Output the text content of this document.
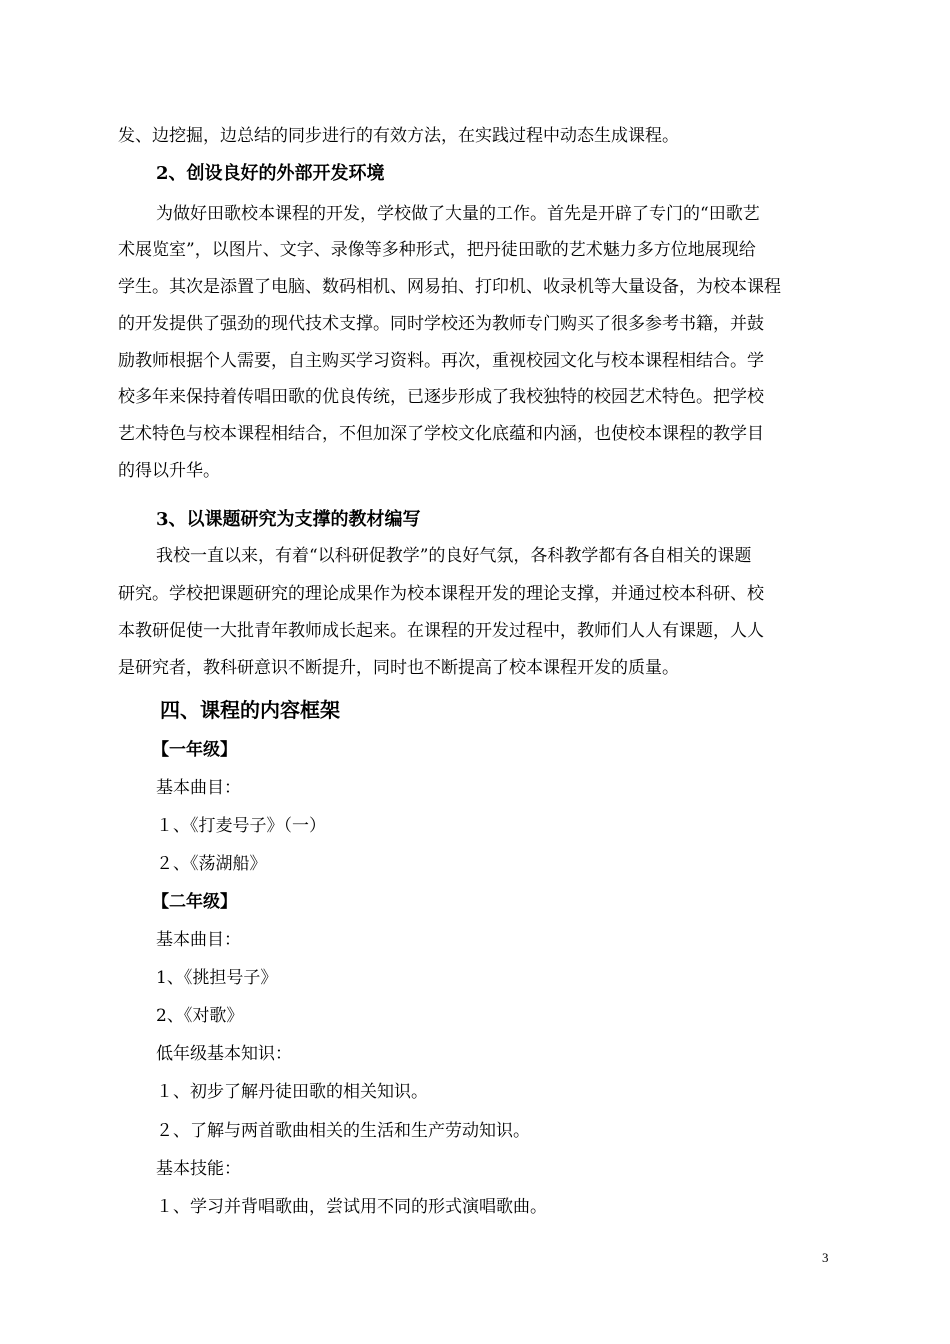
发、边挖掘，边总结的同步进行的有效方法，在实践过程中动态生成课程。
2、创设良好的外部开发环境
为做好田歌校本课程的开发，学校做了大量的工作。首先是开辟了专门的“田歌艺
术展览室”，以图片、文字、录像等多种形式，把丹徒田歌的艺术魅力多方位地展现给
学生。其次是添置了电脑、数码相机、网易拍、打印机、收录机等大量设备，为校本课程
的开发提供了强劲的现代技术支撑。同时学校还为教师专门购买了很多参考书籍，并鼓
励教师根据个人需要，自主购买学习资料。再次，重视校园文化与校本课程相结合。学
校多年来保持着传唱田歌的优良传统，已逐步形成了我校独特的校园艺术特色。把学校
艺术特色与校本课程相结合，不但加深了学校文化底蕴和内涵，也使校本课程的教学目
的得以升华。
3、以课题研究为支撑的教材编写
我校一直以来，有着“以科研促教学”的良好气氛，各科教学都有各自相关的课题
研究。学校把课题研究的理论成果作为校本课程开发的理论支撑，并通过校本科研、校
本教研促使一大批青年教师成长起来。在课程的开发过程中，教师们人人有课题，人人
是研究者，教科研意识不断提升，同时也不断提高了校本课程开发的质量。
四、课程的内容框架
【一年级】
基本曲目：
１、《打麦号子》（一）
２、《荡湖船》
【二年级】
基本曲目：
1、《挑担号子》
2、《对歌》
低年级基本知识：
１、初步了解丹徒田歌的相关知识。
２、了解与两首歌曲相关的生活和生产劳动知识。
基本技能：
１、学习并背唱歌曲，尝试用不同的形式演唱歌曲。
3
